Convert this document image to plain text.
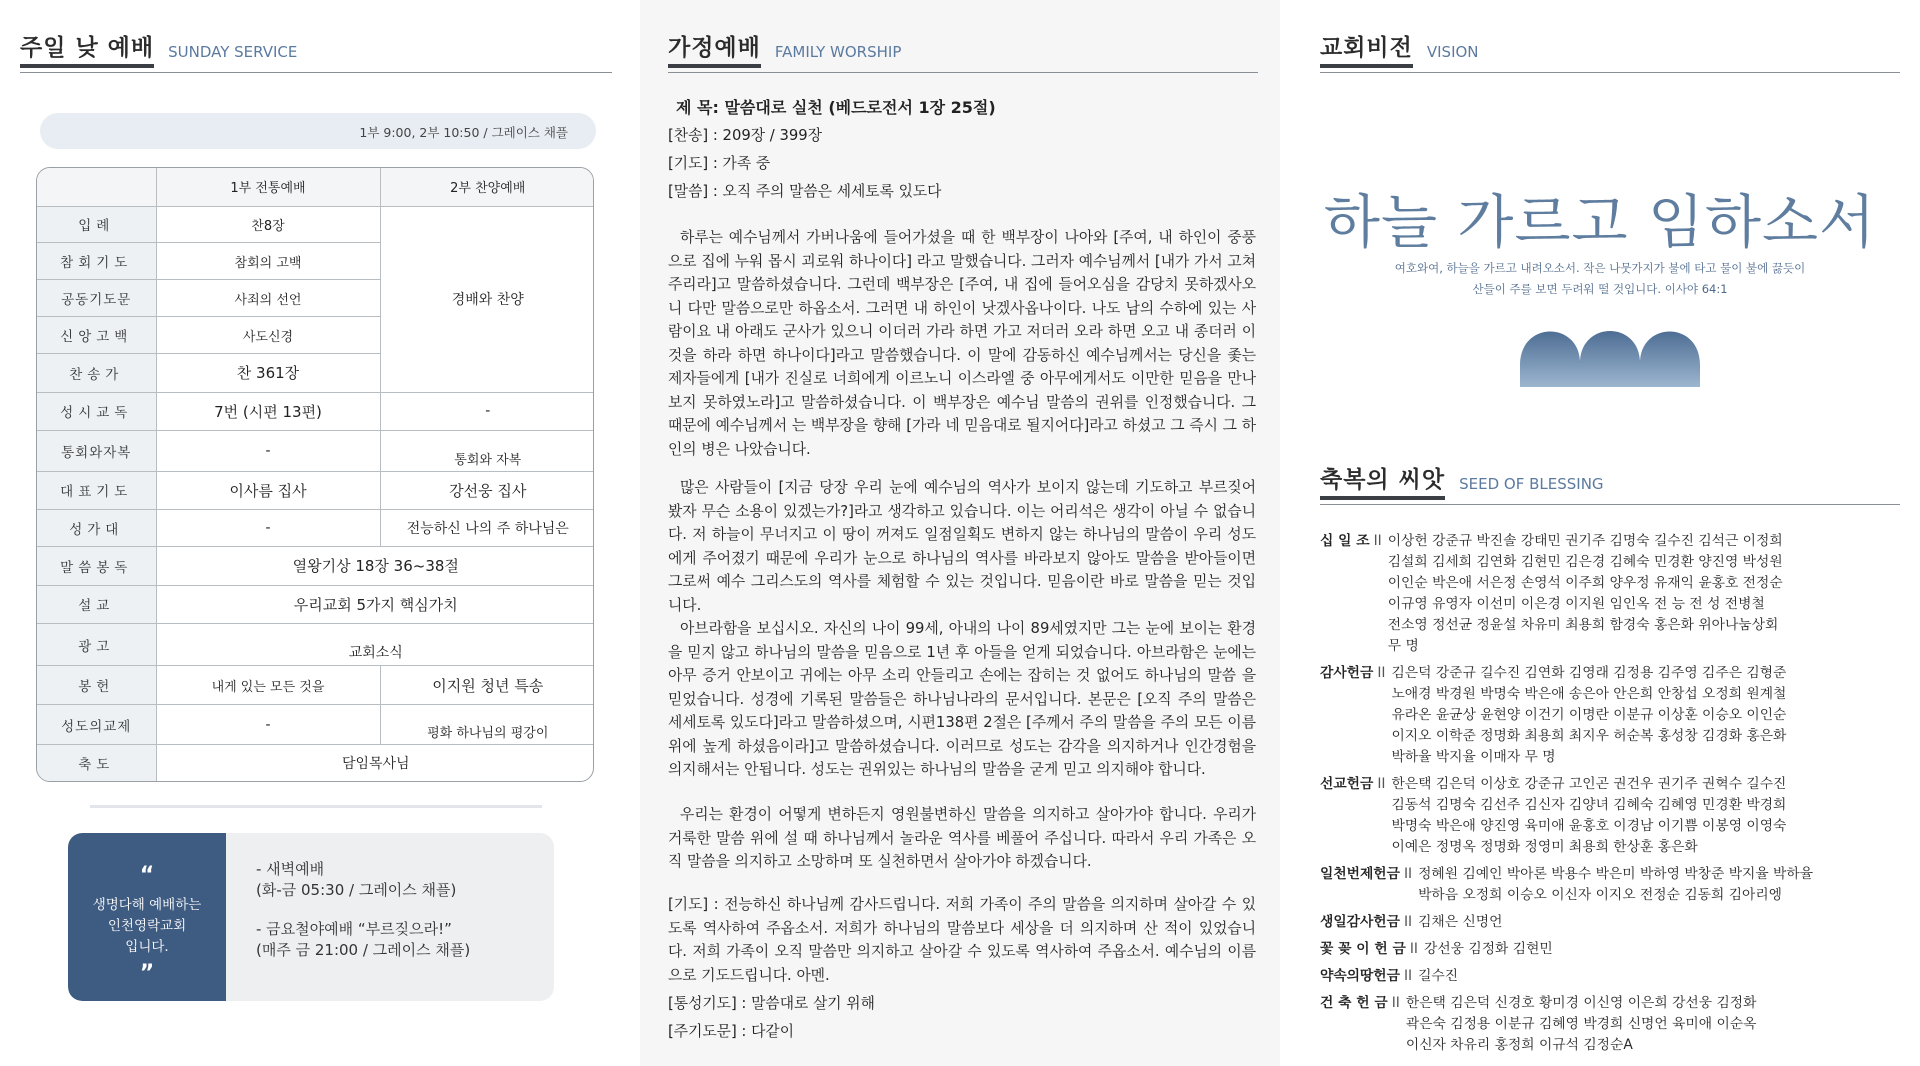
주일 낮 예배 SUNDAY SERVICE
1부 9:00, 2부 10:50 / 그레이스 채플
	1부 전통예배	2부 찬양예배
입례	찬8장	경배와 찬양
참회기도	참회의 고백	
공동기도문	사죄의 선언	
신앙고백	사도신경	
찬송가	찬 361장	
성시교독	7번 (시편 13편)	-
통회와자복	-	통회와 자복
대표기도	이사름 집사	강선웅 집사
성가대	-	전능하신 나의 주 하나님은
말씀봉독	열왕기상 18장 36~38절	
설교	우리교회 5가지 핵심가치	
광고	교회소식	
봉헌	내게 있는 모든 것을	이지원 청년 특송
성도의교제	-	평화 하나님의 평강이
축도	담임목사님	
“
생명다해 예배하는
인천영락교회
입니다.
”
- 새벽예배
(화-금 05:30 / 그레이스 채플)
- 금요철야예배 “부르짖으라!”
(매주 금 21:00 / 그레이스 채플)
가정예배 FAMILY WORSHIP
제 목: 말씀대로 실천 (베드로전서 1장 25절)
[찬송] : 209장 / 399장
[기도] : 가족 중
[말씀] : 오직 주의 말씀은 세세토록 있도다
하루는 예수님께서 가버나움에 들어가셨을 때 한 백부장이 나아와 [주여, 내 하인이 중풍으로 집에 누워 몹시 괴로워 하나이다] 라고 말했습니다. 그러자 예수님께서 [내가 가서 고쳐 주리라]고 말씀하셨습니다. 그런데 백부장은 [주여, 내 집에 들어오심을 감당치 못하겠사오니 다만 말씀으로만 하옵소서. 그러면 내 하인이 낫겠사옵나이다. 나도 남의 수하에 있는 사람이요 내 아래도 군사가 있으니 이더러 가라 하면 가고 저더러 오라 하면 오고 내 종더러 이것을 하라 하면 하나이다]라고 말씀했습니다. 이 말에 감동하신 예수님께서는 당신을 좇는 제자들에게 [내가 진실로 너희에게 이르노니 이스라엘 중 아무에게서도 이만한 믿음을 만나보지 못하였노라]고 말씀하셨습니다. 이 백부장은 예수님 말씀의 권위를 인정했습니다. 그 때문에 예수님께서 는 백부장을 향해 [가라 네 믿음대로 될지어다]라고 하셨고 그 즉시 그 하인의 병은 나았습니다.
많은 사람들이 [지금 당장 우리 눈에 예수님의 역사가 보이지 않는데 기도하고 부르짖어 봤자 무슨 소용이 있겠는가?]라고 생각하고 있습니다. 이는 어리석은 생각이 아닐 수 없습니다. 저 하늘이 무너지고 이 땅이 꺼져도 일점일획도 변하지 않는 하나님의 말씀이 우리 성도에게 주어졌기 때문에 우리가 눈으로 하나님의 역사를 바라보지 않아도 말씀을 받아들이면 그로써 예수 그리스도의 역사를 체험할 수 있는 것입니다. 믿음이란 바로 말씀을 믿는 것입니다.
아브라함을 보십시오. 자신의 나이 99세, 아내의 나이 89세였지만 그는 눈에 보이는 환경을 믿지 않고 하나님의 말씀을 믿음으로 1년 후 아들을 얻게 되었습니다. 아브라함은 눈에는 아무 증거 안보이고 귀에는 아무 소리 안들리고 손에는 잡히는 것 없어도 하나님의 말씀 을 믿었습니다. 성경에 기록된 말씀들은 하나님나라의 문서입니다. 본문은 [오직 주의 말씀은 세세토록 있도다]라고 말씀하셨으며, 시편138편 2절은 [주께서 주의 말씀을 주의 모든 이름 위에 높게 하셨음이라]고 말씀하셨습니다. 이러므로 성도는 감각을 의지하거나 인간경험을 의지해서는 안됩니다. 성도는 권위있는 하나님의 말씀을 굳게 믿고 의지해야 합니다.
우리는 환경이 어떻게 변하든지 영원불변하신 말씀을 의지하고 살아가야 합니다. 우리가 거룩한 말씀 위에 설 때 하나님께서 놀라운 역사를 베풀어 주십니다. 따라서 우리 가족은 오직 말씀을 의지하고 소망하며 또 실천하면서 살아가야 하겠습니다.
[기도] : 전능하신 하나님께 감사드립니다. 저희 가족이 주의 말씀을 의지하며 살아갈 수 있도록 역사하여 주옵소서. 저희가 하나님의 말씀보다 세상을 더 의지하며 산 적이 있었습니다. 저희 가족이 오직 말씀만 의지하고 살아갈 수 있도록 역사하여 주옵소서. 예수님의 이름으로 기도드립니다. 아멘.
[통성기도] : 말씀대로 살기 위해
[주기도문] : 다같이
교회비전 VISION
하늘 가르고 임하소서
여호와여, 하늘을 가르고 내려오소서. 작은 나뭇가지가 불에 타고 물이 불에 끓듯이
산들이 주를 보면 두려워 떨 것입니다. 이사야 64:1
축복의 씨앗 SEED OF BLESSING
십 일 조 II 이상헌 강준규 박진솔 강태민 권기주 김명숙 길수진 김석근 이정희
김설희 김세희 김연화 김현민 김은경 김혜숙 민경환 양진영 박성원
이인순 박은애 서은정 손영석 이주희 양우정 유재익 윤홍호 전정순
이규영 유영자 이선미 이은경 이지원 임인옥 전 능 전 성 전병철
전소영 정선균 정윤설 차유미 최용희 함경숙 홍은화 위아나눔상회
무 명
감사헌금 II 김은덕 강준규 길수진 김연화 김영래 김정용 김주영 김주은 김형준
노애경 박경원 박명숙 박은애 송은아 안은희 안창섭 오정희 원계철
유라온 윤균상 윤현양 이건기 이명란 이분규 이상훈 이승오 이인순
이지오 이학준 정명화 최용희 최지우 허순복 홍성창 김경화 홍은화
박하율 박지율 이매자 무 명
선교헌금 II 한은택 김은덕 이상호 강준규 고인곤 권건우 권기주 권혁수 길수진
김동석 김명숙 김선주 김신자 김양녀 김혜숙 김혜영 민경환 박경희
박명숙 박은애 양진영 육미애 윤홍호 이경남 이기쁨 이봉영 이영숙
이예은 정명옥 정명화 정영미 최용희 한상훈 홍은화
일천번제헌금 II 정혜원 김예인 박아론 박용수 박은미 박하영 박창준 박지율 박하율
박하음 오정희 이승오 이신자 이지오 전정순 김동희 김아리엥
생일감사헌금 II 김채은 신명언
꽃 꽂 이 헌 금 II 강선웅 김정화 김현민
약속의땅헌금 II 길수진
건 축 헌 금 II 한은택 김은덕 신경호 황미경 이신영 이은희 강선웅 김정화
곽은숙 김정용 이분규 김혜영 박경희 신명언 육미애 이순옥
이신자 차유리 홍정희 이규석 김정순A
